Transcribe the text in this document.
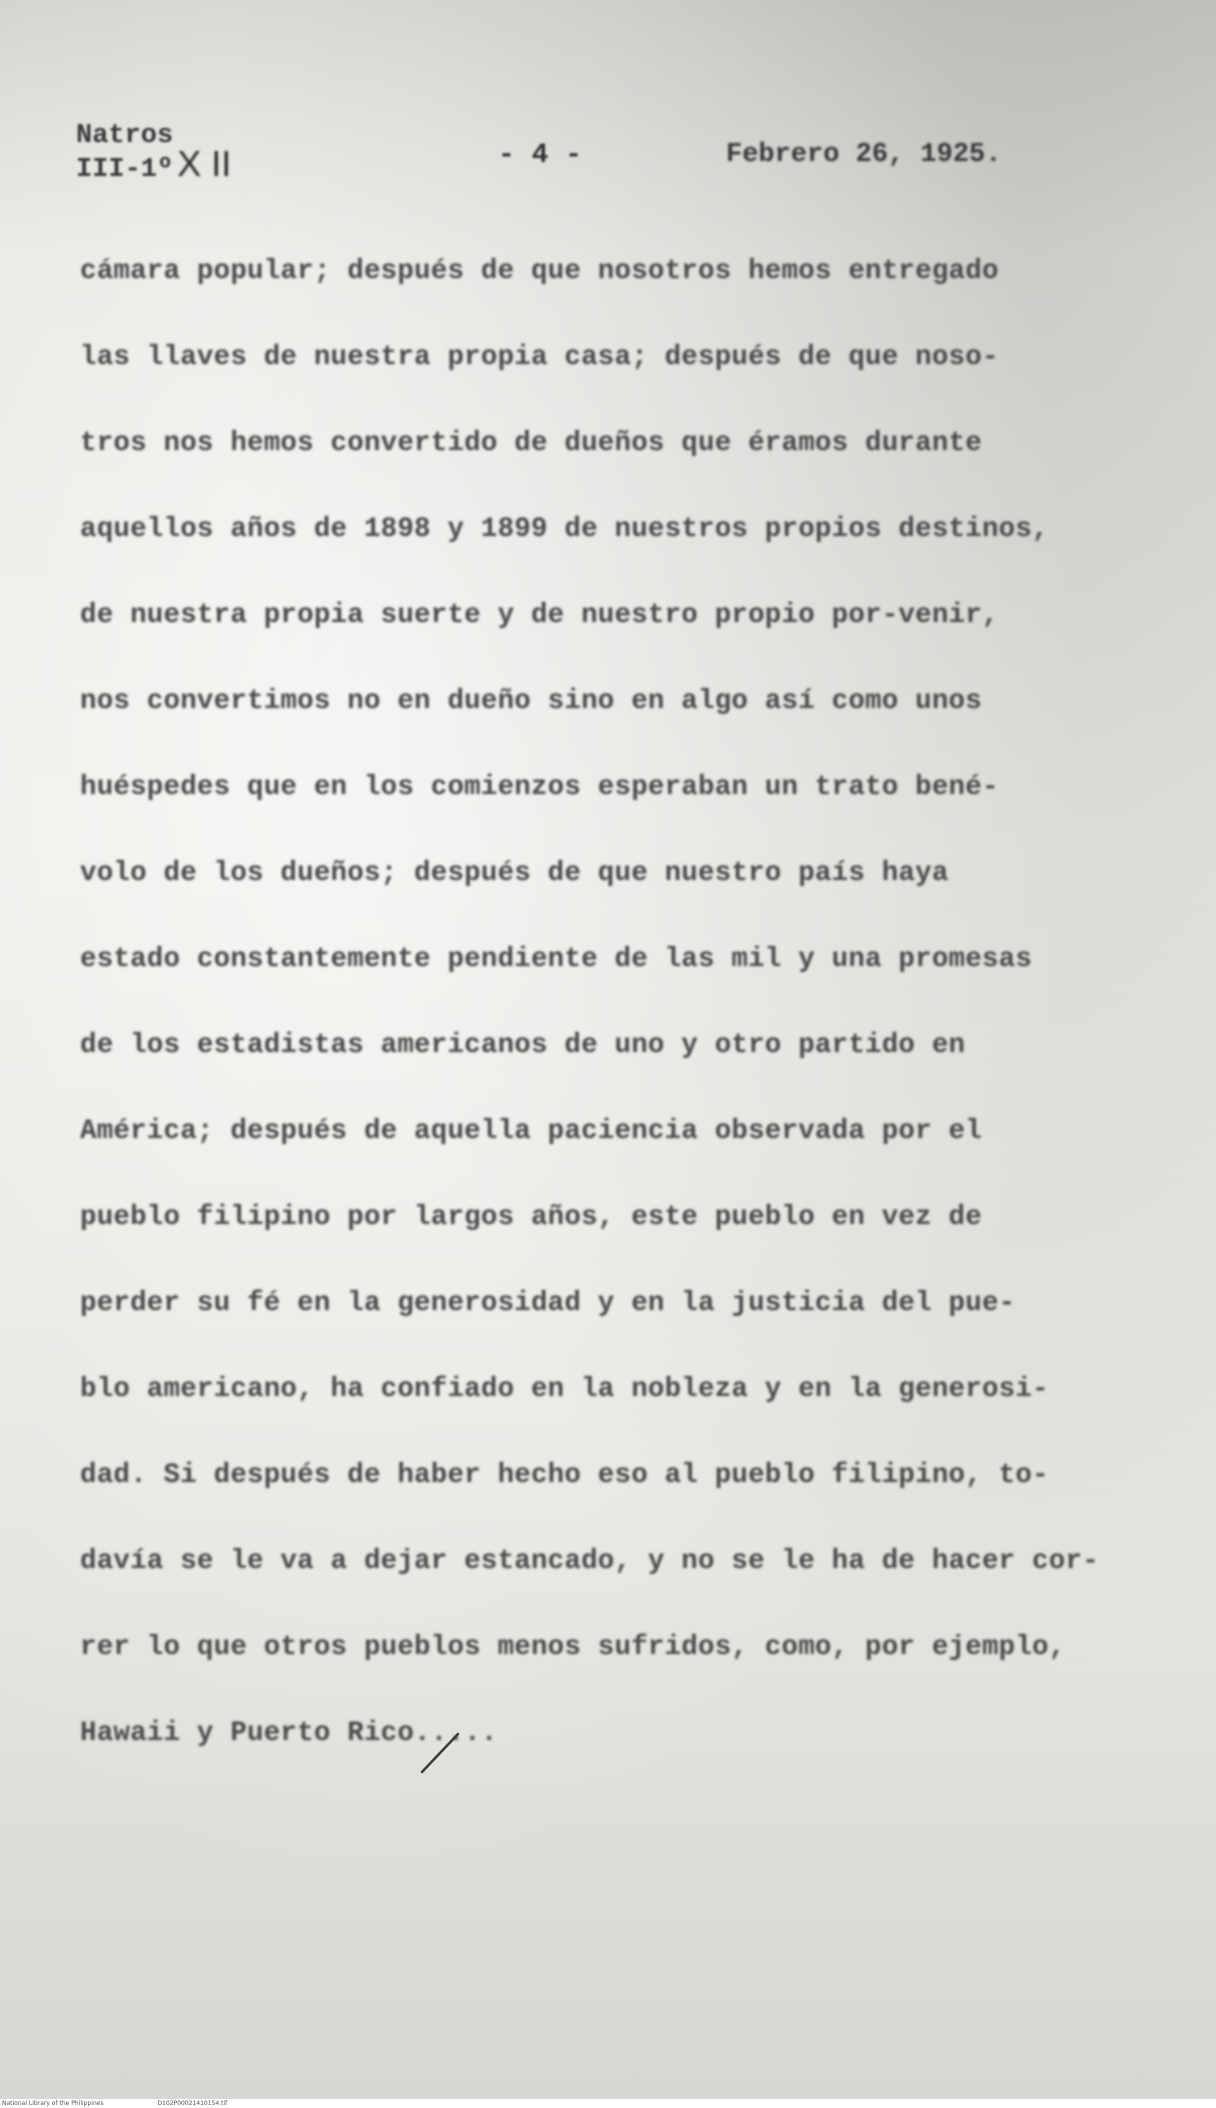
Natros
III-1º X II	- 4 -	Febrero 26, 1925.
cámara popular; después de que nosotros hemos entregado
las llaves de nuestra propia casa; después de que noso-
tros nos hemos convertido de dueños que éramos durante
aquellos años de 1898 y 1899 de nuestros propios destinos,
de nuestra propia suerte y de nuestro propio por-venir,
nos convertimos no en dueño sino en algo así como unos
huéspedes que en los comienzos esperaban un trato bené-
volo de los dueños; después de que nuestro país haya
estado constantemente pendiente de las mil y una promesas
de los estadistas americanos de uno y otro partido en
América; después de aquella paciencia observada por el
pueblo filipino por largos años, este pueblo en vez de
perder su fé en la generosidad y en la justicia del pue-
blo americano, ha confiado en la nobleza y en la generosi-
dad. Si después de haber hecho eso al pueblo filipino, to-
davía se le va a dejar estancado, y no se le ha de hacer cor-
rer lo que otros pueblos menos sufridos, como, por ejemplo,
Hawaii y Puerto Rico.....
National Library of the Philippines	D102P00021410154.tif
